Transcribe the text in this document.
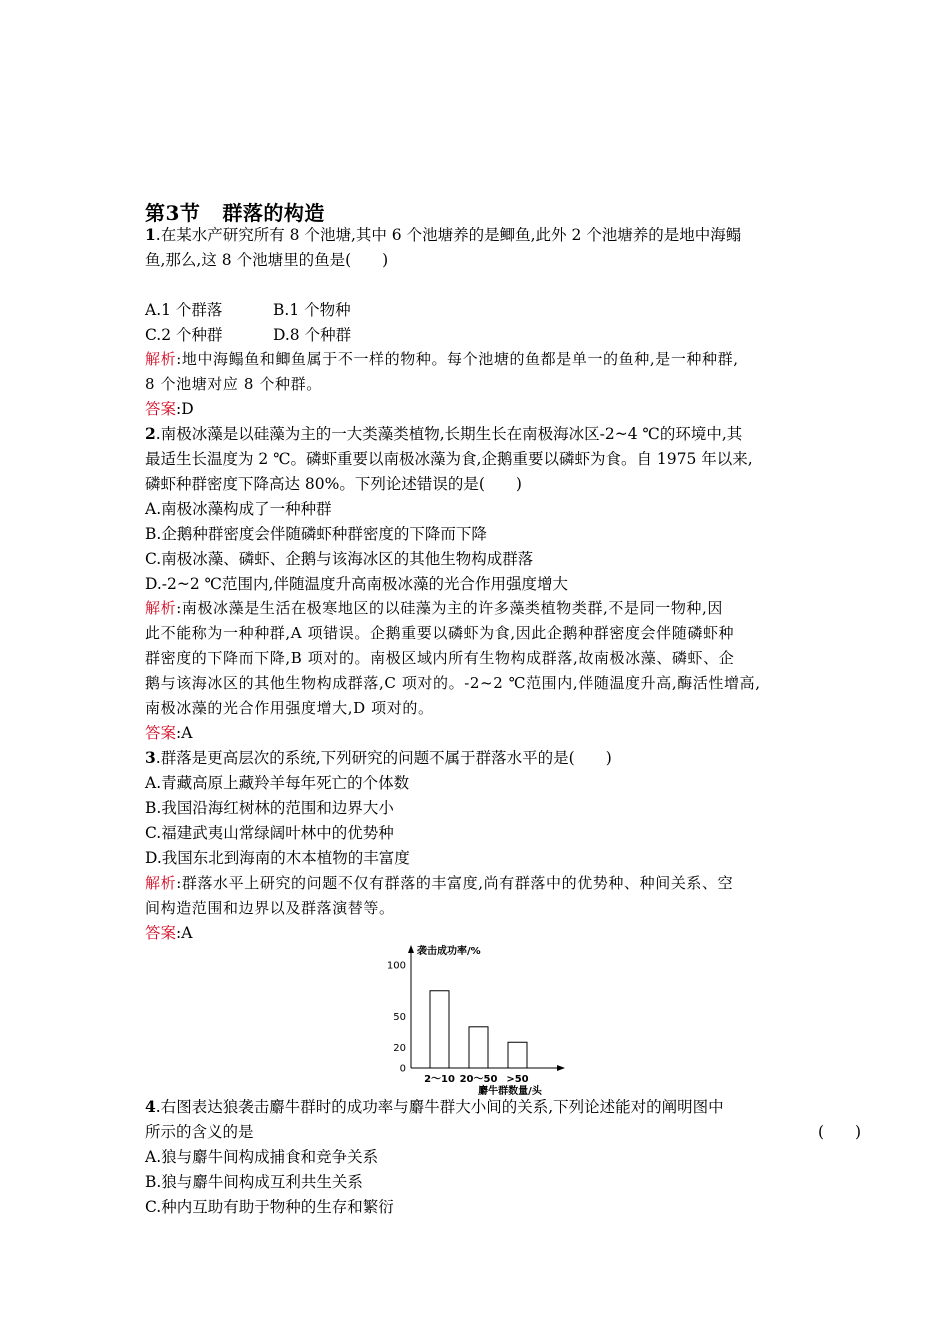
第3节 群落的构造
1.在某水产研究所有 8 个池塘,其中 6 个池塘养的是鲫鱼,此外 2 个池塘养的是地中海鳎
鱼,那么,这 8 个池塘里的鱼是(　　)
A.1 个群落	B.1 个物种
C.2 个种群	D.8 个种群
解析:地中海鳎鱼和鲫鱼属于不一样的物种。每个池塘的鱼都是单一的鱼种,是一种种群,
8 个池塘对应 8 个种群。
答案:D
2.南极冰藻是以硅藻为主的一大类藻类植物,长期生长在南极海冰区-2~4 ℃的环境中,其
最适生长温度为 2 ℃。磷虾重要以南极冰藻为食,企鹅重要以磷虾为食。自 1975 年以来,
磷虾种群密度下降高达 80%。下列论述错误的是(　　)
A.南极冰藻构成了一种种群
B.企鹅种群密度会伴随磷虾种群密度的下降而下降
C.南极冰藻、磷虾、企鹅与该海冰区的其他生物构成群落
D.-2~2 ℃范围内,伴随温度升高南极冰藻的光合作用强度增大
解析:南极冰藻是生活在极寒地区的以硅藻为主的许多藻类植物类群,不是同一物种,因
此不能称为一种种群,A 项错误。企鹅重要以磷虾为食,因此企鹅种群密度会伴随磷虾种
群密度的下降而下降,B 项对的。南极区域内所有生物构成群落,故南极冰藻、磷虾、企
鹅与该海冰区的其他生物构成群落,C 项对的。-2~2 ℃范围内,伴随温度升高,酶活性增高,
南极冰藻的光合作用强度增大,D 项对的。
答案:A
3.群落是更高层次的系统,下列研究的问题不属于群落水平的是(　　)
A.青藏高原上藏羚羊每年死亡的个体数
B.我国沿海红树林的范围和边界大小
C.福建武夷山常绿阔叶林中的优势种
D.我国东北到海南的木本植物的丰富度
解析:群落水平上研究的问题不仅有群落的丰富度,尚有群落中的优势种、种间关系、空
间构造范围和边界以及群落演替等。
答案:A
袭击成功率/%
100
50
20
0
2～10 20～50 >50
麝牛群数量/头
4.右图表达狼袭击麝牛群时的成功率与麝牛群大小间的关系,下列论述能对的阐明图中
所示的含义的是	(　　)
A.狼与麝牛间构成捕食和竞争关系
B.狼与麝牛间构成互利共生关系
C.种内互助有助于物种的生存和繁衍
